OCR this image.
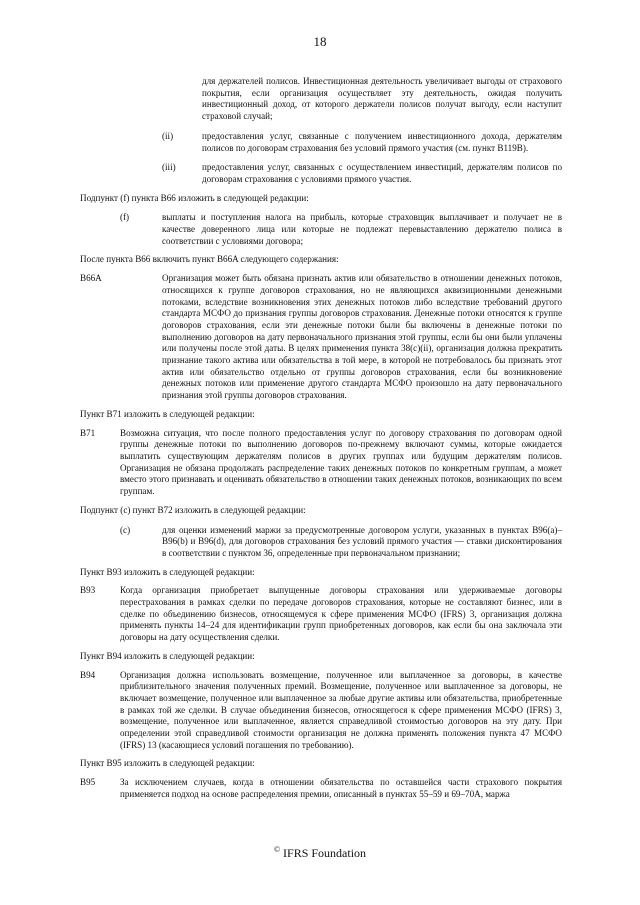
18
для держателей полисов. Инвестиционная деятельность увеличивает выгоды от страхового покрытия, если организация осуществляет эту деятельность, ожидая получить инвестиционный доход, от которого держатели полисов получат выгоду, если наступит страховой случай;
(ii)	предоставления услуг, связанные с получением инвестиционного дохода, держателям полисов по договорам страхования без условий прямого участия (см. пункт B119B).
(iii)	предоставления услуг, связанных с осуществлением инвестиций, держателям полисов по договорам страхования с условиями прямого участия.
Подпункт (f) пункта B66 изложить в следующей редакции:
(f)	выплаты и поступления налога на прибыль, которые страховщик выплачивает и получает не в качестве доверенного лица или которые не подлежат перевыставлению держателю полиса в соответствии с условиями договора;
После пункта B66 включить пункт B66A следующего содержания:
B66A	Организация может быть обязана признать актив или обязательство в отношении денежных потоков, относящихся к группе договоров страхования, но не являющихся аквизиционными денежными потоками, вследствие возникновения этих денежных потоков либо вследствие требований другого стандарта МСФО до признания группы договоров страхования. Денежные потоки относятся к группе договоров страхования, если эти денежные потоки были бы включены в денежные потоки по выполнению договоров на дату первоначального признания этой группы, если бы они были уплачены или получены после этой даты. В целях применения пункта 38(c)(ii), организация должна прекратить признание такого актива или обязательства в той мере, в которой не потребовалось бы признать этот актив или обязательство отдельно от группы договоров страхования, если бы возникновение денежных потоков или применение другого стандарта МСФО произошло на дату первоначального признания этой группы договоров страхования.
Пункт B71 изложить в следующей редакции:
B71	Возможна ситуация, что после полного предоставления услуг по договору страхования по договорам одной группы денежные потоки по выполнению договоров по-прежнему включают суммы, которые ожидается выплатить существующим держателям полисов в других группах или будущим держателям полисов. Организация не обязана продолжать распределение таких денежных потоков по конкретным группам, а может вместо этого признавать и оценивать обязательство в отношении таких денежных потоков, возникающих по всем группам.
Подпункт (c) пункт B72 изложить в следующей редакции:
(c)	для оценки изменений маржи за предусмотренные договором услуги, указанных в пунктах B96(a)–B96(b) и B96(d), для договоров страхования без условий прямого участия — ставки дисконтирования в соответствии с пунктом 36, определенные при первоначальном признании;
Пункт B93 изложить в следующей редакции:
B93	Когда организация приобретает выпущенные договоры страхования или удерживаемые договоры перестрахования в рамках сделки по передаче договоров страхования, которые не составляют бизнес, или в сделке по объединению бизнесов, относящемуся к сфере применения МСФО (IFRS) 3, организация должна применять пункты 14–24 для идентификации групп приобретенных договоров, как если бы она заключала эти договоры на дату осуществления сделки.
Пункт B94 изложить в следующей редакции:
B94	Организация должна использовать возмещение, полученное или выплаченное за договоры, в качестве приблизительного значения полученных премий. Возмещение, полученное или выплаченное за договоры, не включает возмещение, полученное или выплаченное за любые другие активы или обязательства, приобретенные в рамках той же сделки. В случае объединения бизнесов, относящегося к сфере применения МСФО (IFRS) 3, возмещение, полученное или выплаченное, является справедливой стоимостью договоров на эту дату. При определении этой справедливой стоимости организация не должна применять положения пункта 47 МСФО (IFRS) 13 (касающиеся условий погашения по требованию).
Пункт B95 изложить в следующей редакции:
B95	За исключением случаев, когда в отношении обязательства по оставшейся части страхового покрытия применяется подход на основе распределения премии, описанный в пунктах 55–59 и 69–70A, маржа
© IFRS Foundation
